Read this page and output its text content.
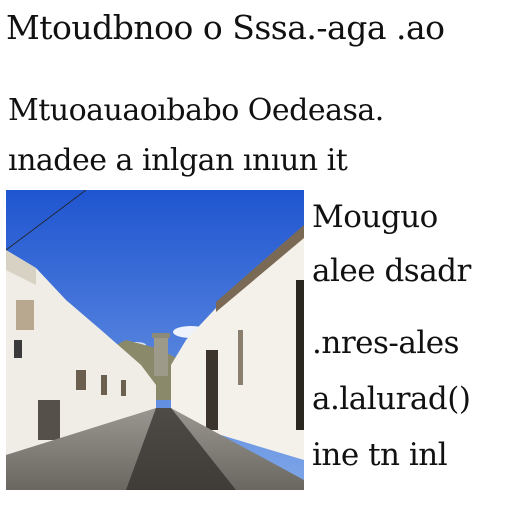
Mtoudbnoo o Sssa.-aga .ao
Mtuoauaoıbabo Oedeasa.
ınadee a inlgan ınıun it
Mouguo
alee dsadr
.nres-ales
a.lalurad()
ine tn inl
